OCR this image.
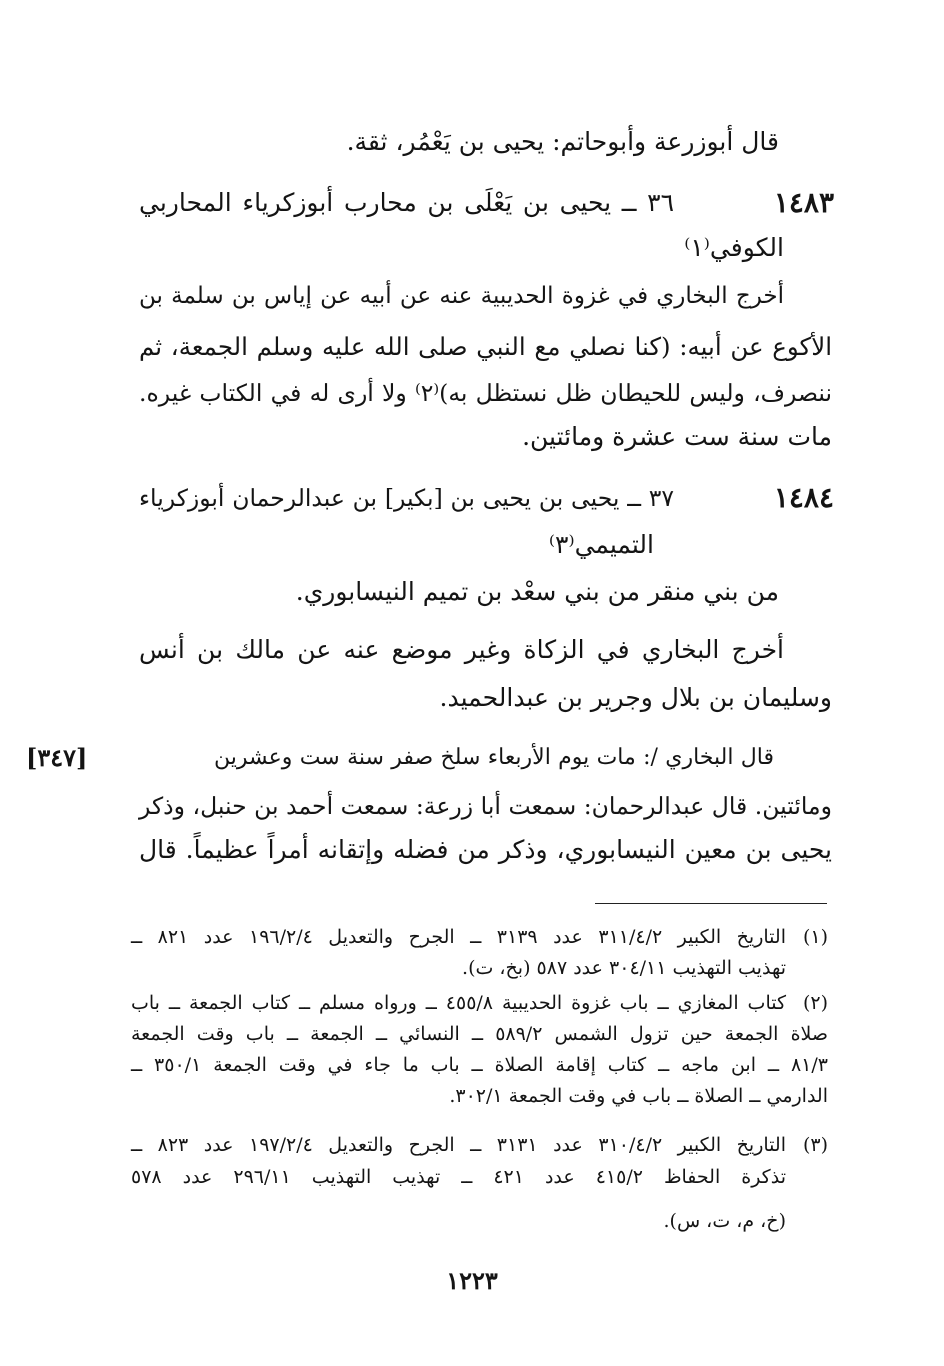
قال أبوزرعة وأبوحاتم: يحيى بن يَعْمُر، ثقة.
١٤٨٣
٣٦ ــ يحيى بن يَعْلَى بن محارب أبوزكرياء المحاربي
الكوفي⁽١⁾
أخرج البخاري في غزوة الحديبية عنه عن أبيه عن إياس بن سلمة بن
الأكوع عن أبيه: (كنا نصلي مع النبي صلى الله عليه وسلم الجمعة، ثم
ننصرف، وليس للحيطان ظل نستظل به)⁽٢⁾ ولا أرى له في الكتاب غيره.
مات سنة ست عشرة ومائتين.
١٤٨٤
٣٧ ــ يحيى بن يحيى بن [بكير] بن عبدالرحمان أبوزكرياء
التميمي⁽٣⁾
من بني منقر من بني سعْد بن تميم النيسابوري.
أخرج البخاري في الزكاة وغير موضع عنه عن مالك بن أنس
وسليمان بن بلال وجرير بن عبدالحميد.
[٣٤٧]	قال البخاري /: مات يوم الأربعاء سلخ صفر سنة ست وعشرين
ومائتين. قال عبدالرحمان: سمعت أبا زرعة: سمعت أحمد بن حنبل، وذكر
يحيى بن معين النيسابوري، وذكر من فضله وإتقانه أمراً عظيماً. قال
(١)
التاريخ الكبير ٣١١/٤/٢ عدد ٣١٣٩ ــ الجرح والتعديل ١٩٦/٢/٤ عدد ٨٢١ ــ
تهذيب التهذيب ٣٠٤/١١ عدد ٥٨٧ (بخ، ت).
(٢)
كتاب المغازي ــ باب غزوة الحديبية ٤٥٥/٨ ــ ورواه مسلم ــ كتاب الجمعة ــ باب
صلاة الجمعة حين تزول الشمس ٥٨٩/٢ ــ النسائي ــ الجمعة ــ باب وقت الجمعة
٨١/٣ ــ ابن ماجه ــ كتاب إقامة الصلاة ــ باب ما جاء في وقت الجمعة ٣٥٠/١ ــ
الدارمي ــ الصلاة ــ باب في وقت الجمعة ٣٠٢/١.
(٣)
التاريخ الكبير ٣١٠/٤/٢ عدد ٣١٣١ ــ الجرح والتعديل ١٩٧/٢/٤ عدد ٨٢٣ ــ
تذكرة الحفاظ ٤١٥/٢ عدد ٤٢١ ــ تهذيب التهذيب ٢٩٦/١١ عدد ٥٧٨
(خ، م، ت، س).
١٢٢٣
